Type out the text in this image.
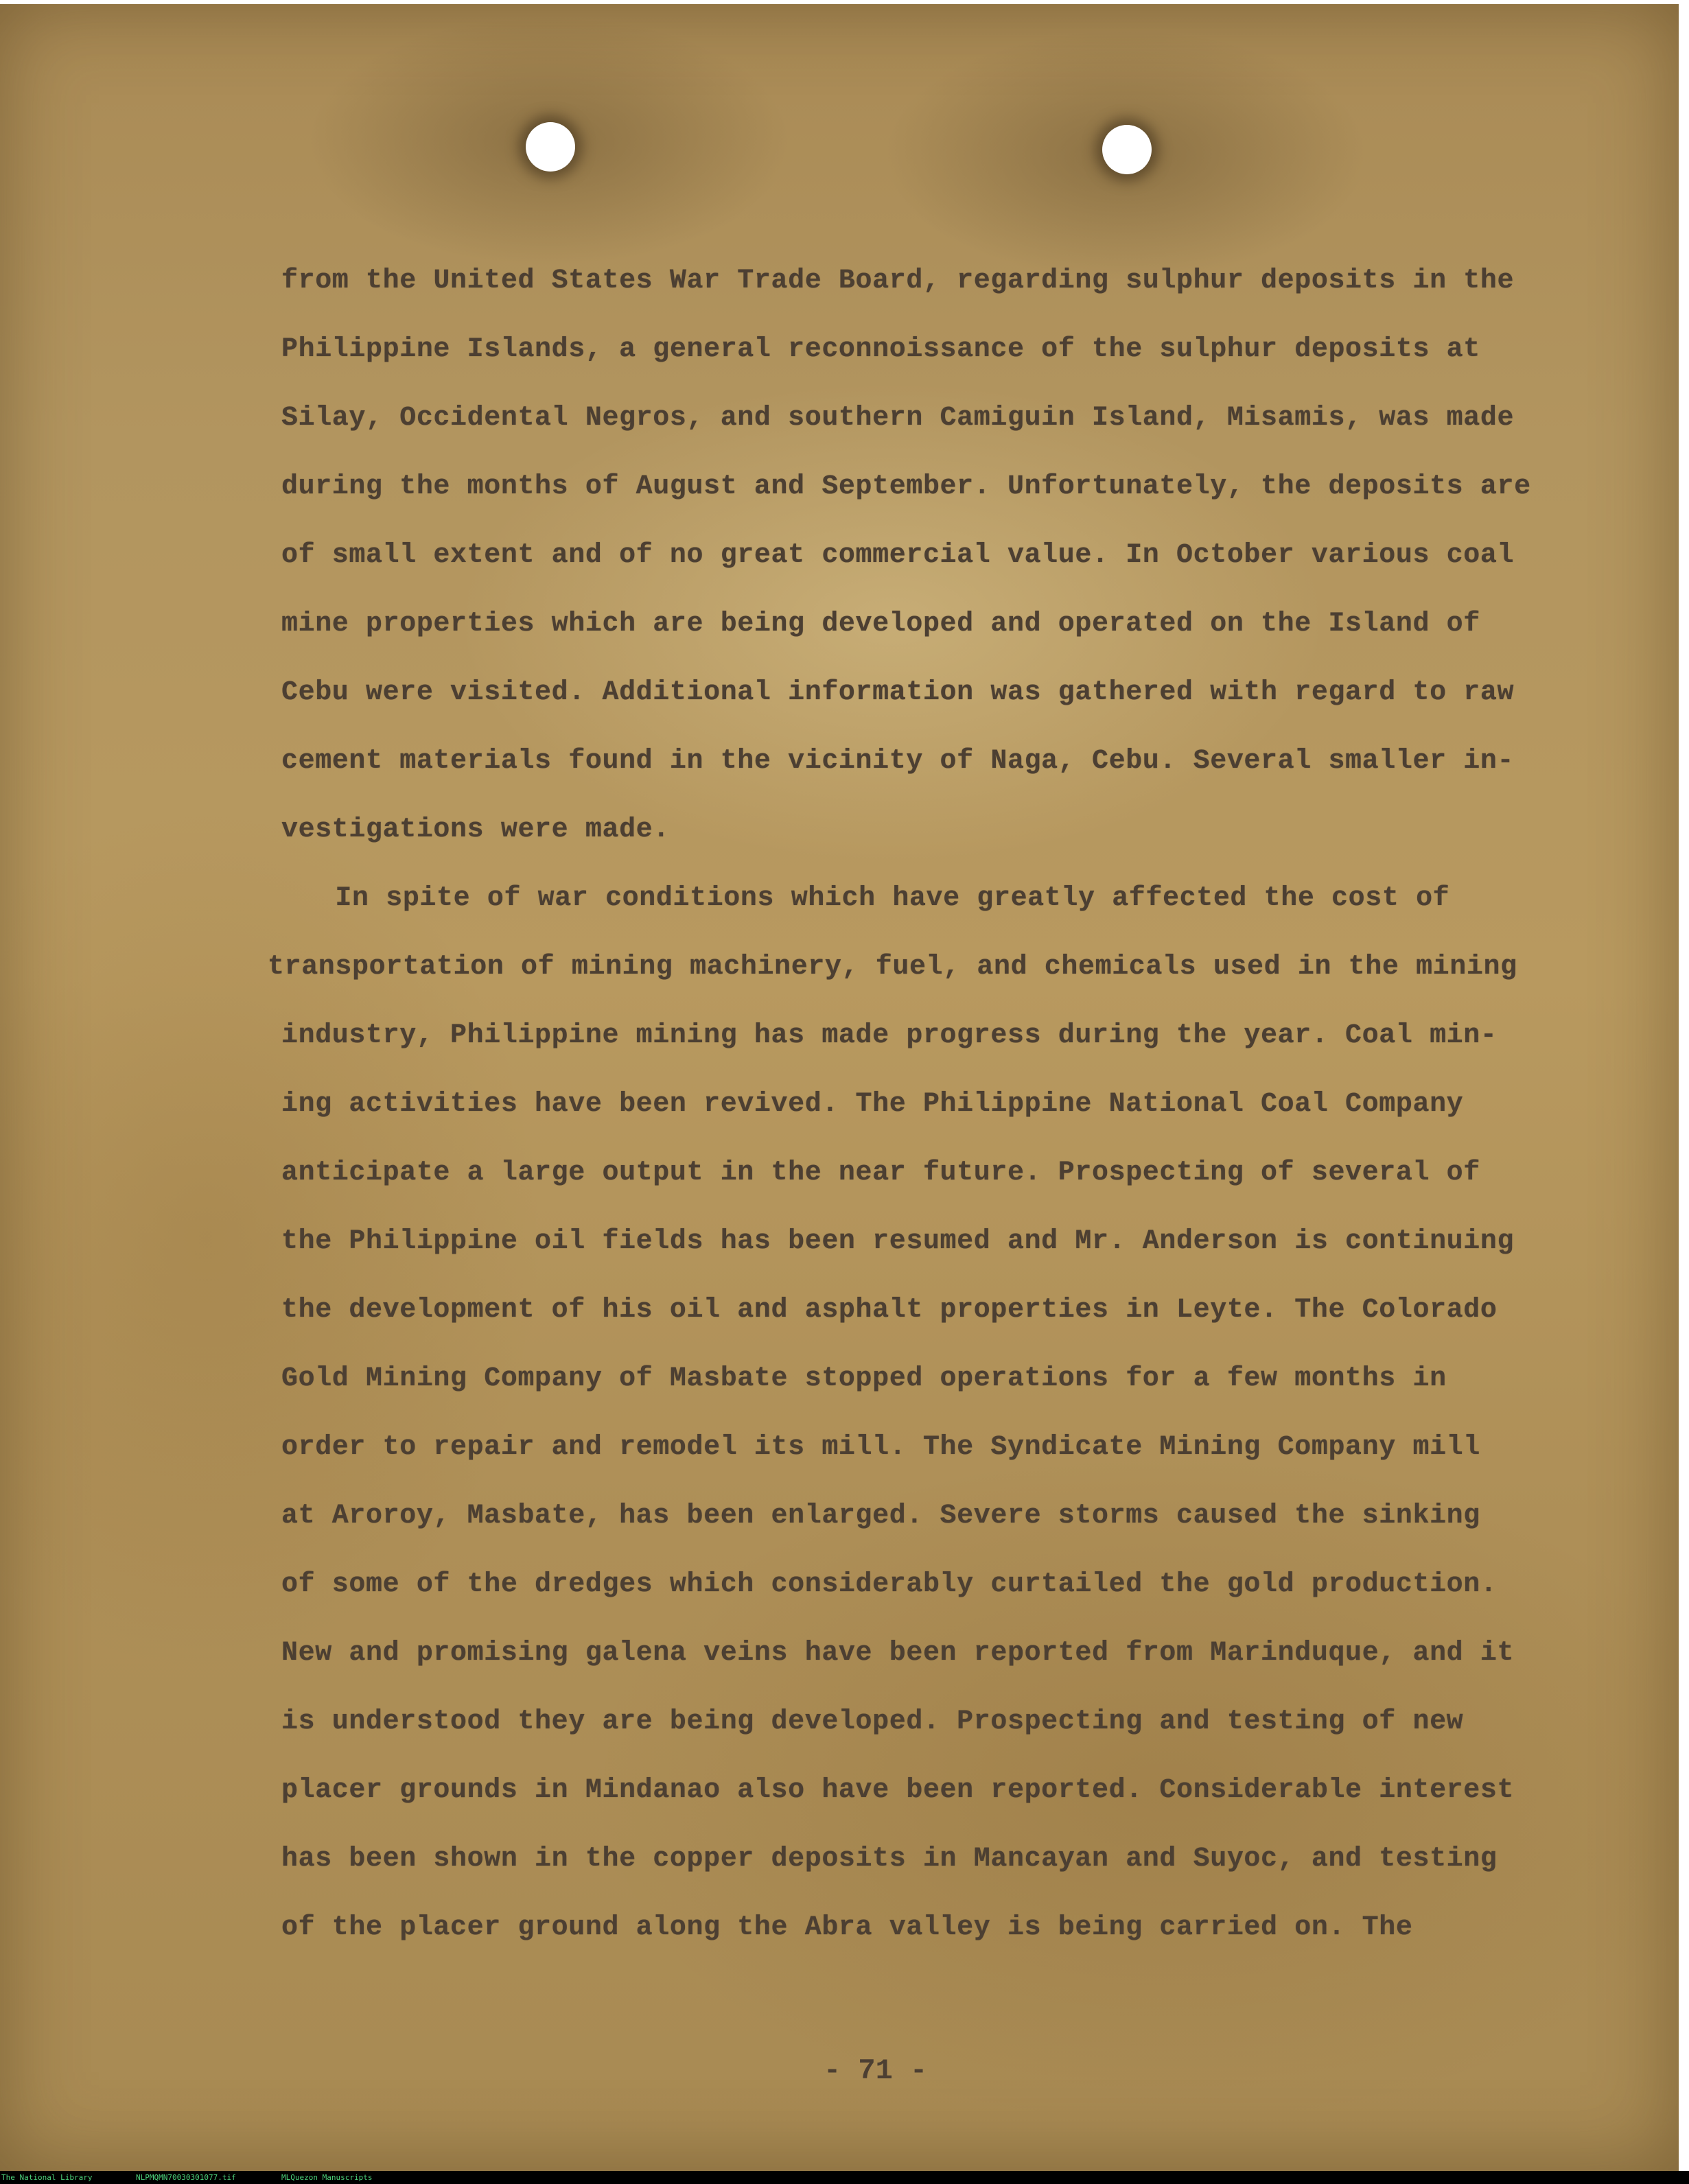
from the United States War Trade Board, regarding sulphur deposits in the

Philippine Islands, a general reconnoissance of the sulphur deposits at

Silay, Occidental Negros, and southern Camiguin Island, Misamis, was made

during the months of August and September. Unfortunately, the deposits are

of small extent and of no great commercial value. In October various coal

mine properties which are being developed and operated on the Island of

Cebu were visited. Additional information was gathered with regard to raw

cement materials found in the vicinity of Naga, Cebu. Several smaller in-

vestigations were made.

In spite of war conditions which have greatly affected the cost of

transportation of mining machinery, fuel, and chemicals used in the mining

industry, Philippine mining has made progress during the year. Coal min-

ing activities have been revived. The Philippine National Coal Company

anticipate a large output in the near future. Prospecting of several of

the Philippine oil fields has been resumed and Mr. Anderson is continuing

the development of his oil and asphalt properties in Leyte. The Colorado

Gold Mining Company of Masbate stopped operations for a few months in

order to repair and remodel its mill. The Syndicate Mining Company mill

at Aroroy, Masbate, has been enlarged. Severe storms caused the sinking

of some of the dredges which considerably curtailed the gold production.

New and promising galena veins have been reported from Marinduque, and it

is understood they are being developed. Prospecting and testing of new

placer grounds in Mindanao also have been reported. Considerable interest

has been shown in the copper deposits in Mancayan and Suyoc, and testing

of the placer ground along the Abra valley is being carried on. The

- 71 -

The National Library

	NLPMQMN70030301077.tif

	MLQuezon Manuscripts
